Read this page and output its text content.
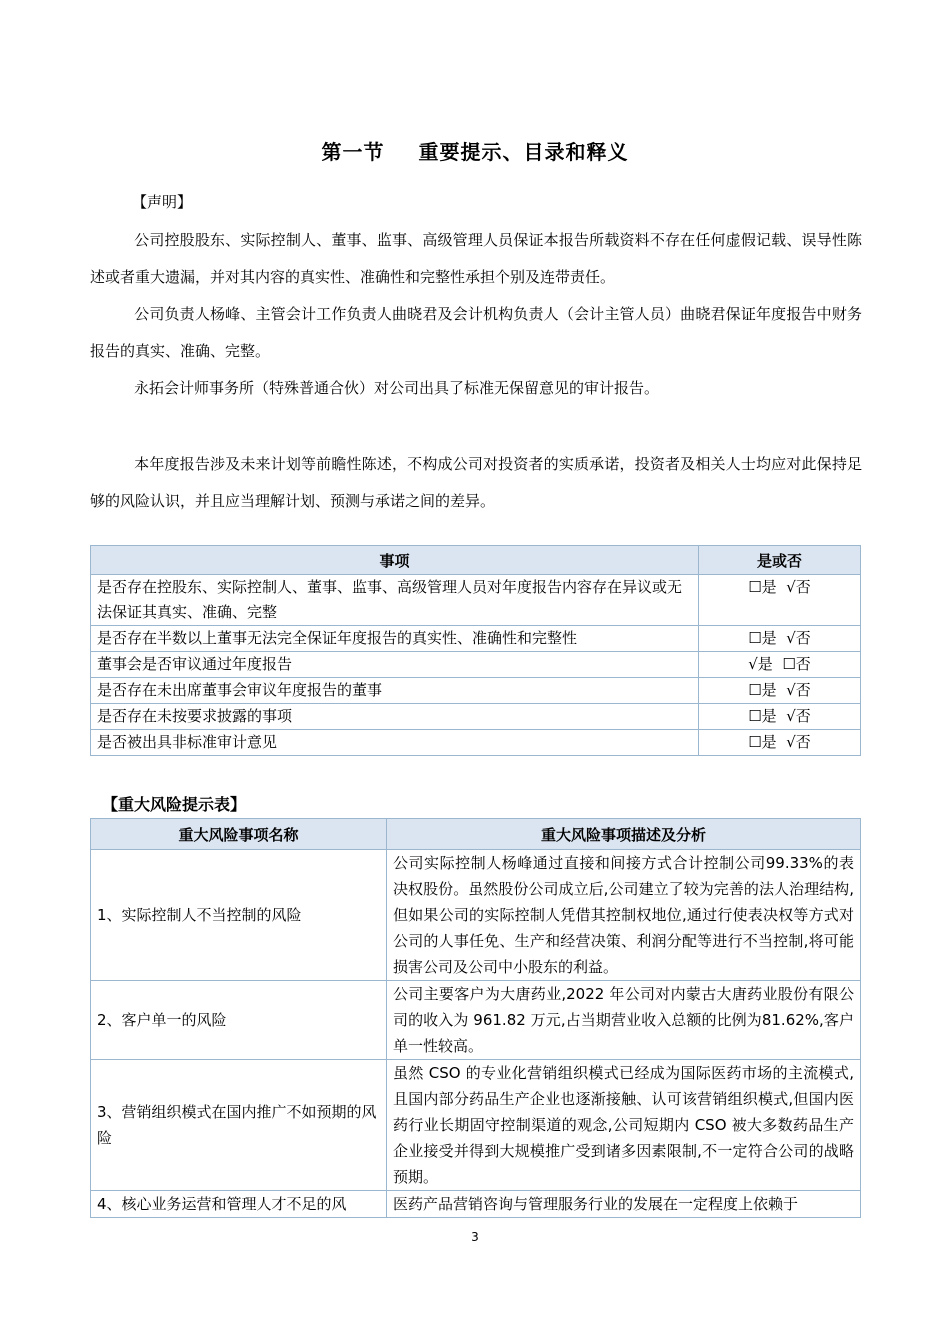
第一节 重要提示、目录和释义
【声明】
公司控股股东、实际控制人、董事、监事、高级管理人员保证本报告所载资料不存在任何虚假记载、误导性陈述或者重大遗漏，并对其内容的真实性、准确性和完整性承担个别及连带责任。
公司负责人杨峰、主管会计工作负责人曲晓君及会计机构负责人（会计主管人员）曲晓君保证年度报告中财务报告的真实、准确、完整。
永拓会计师事务所（特殊普通合伙）对公司出具了标准无保留意见的审计报告。
本年度报告涉及未来计划等前瞻性陈述，不构成公司对投资者的实质承诺，投资者及相关人士均应对此保持足够的风险认识，并且应当理解计划、预测与承诺之间的差异。
事项	是或否
是否存在控股东、实际控制人、董事、监事、高级管理人员对年度报告内容存在异议或无法保证其真实、准确、完整	☐是  √否
是否存在半数以上董事无法完全保证年度报告的真实性、准确性和完整性	☐是  √否
董事会是否审议通过年度报告	√是  ☐否
是否存在未出席董事会审议年度报告的董事	☐是  √否
是否存在未按要求披露的事项	☐是  √否
是否被出具非标准审计意见	☐是  √否
【重大风险提示表】
重大风险事项名称	重大风险事项描述及分析
1、实际控制人不当控制的风险	公司实际控制人杨峰通过直接和间接方式合计控制公司99.33%的表决权股份。虽然股份公司成立后,公司建立了较为完善的法人治理结构,但如果公司的实际控制人凭借其控制权地位,通过行使表决权等方式对公司的人事任免、生产和经营决策、利润分配等进行不当控制,将可能损害公司及公司中小股东的利益。
2、客户单一的风险	公司主要客户为大唐药业,2022 年公司对内蒙古大唐药业股份有限公司的收入为 961.82 万元,占当期营业收入总额的比例为81.62%,客户单一性较高。
3、营销组织模式在国内推广不如预期的风险	虽然 CSO 的专业化营销组织模式已经成为国际医药市场的主流模式,且国内部分药品生产企业也逐渐接触、认可该营销组织模式,但国内医药行业长期固守控制渠道的观念,公司短期内 CSO 被大多数药品生产企业接受并得到大规模推广受到诸多因素限制,不一定符合公司的战略预期。
4、核心业务运营和管理人才不足的风	医药产品营销咨询与管理服务行业的发展在一定程度上依赖于
3
